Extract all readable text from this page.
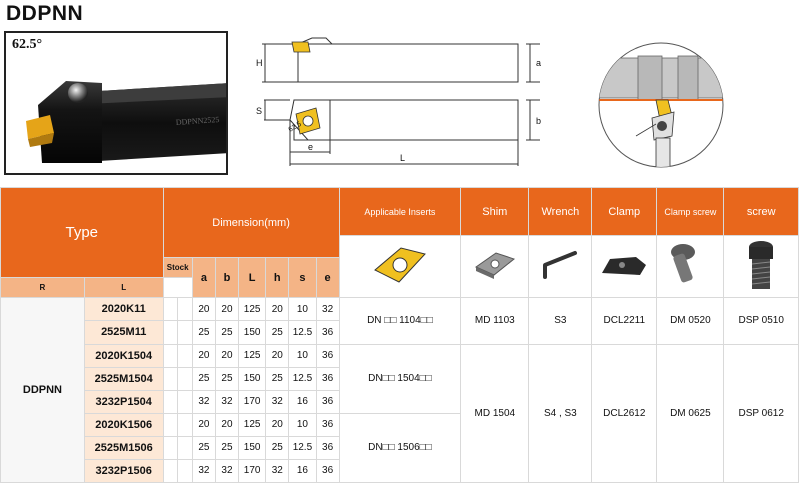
DDPNN
DDPNN2525
62.5°
H	a
S
b
e
L
62.5
Type		Dimension(mm)								Applicable Inserts	Shim	Wrench	Clamp	Clamp screw	screw

		Stock		a	b	L	h	s	e						
R	L														
DDPNN	2020K11			20	20	125	20	10	32	DN □□ 1104□□	MD 1103	S3	DCL2211	DM 0520	DSP 0510
	2525M11			25	25	150	25	12.5	36						
	2020K1504			20	20	125	20	10	36	DN□□ 1504□□	MD 1504	S4 , S3	DCL2612	DM 0625	DSP 0612
	2525M1504			25	25	150	25	12.5	36						
	3232P1504			32	32	170	32	16	36						
	2020K1506			20	20	125	20	10	36	DN□□ 1506□□					
	2525M1506			25	25	150	25	12.5	36						
	3232P1506			32	32	170	32	16	36						
